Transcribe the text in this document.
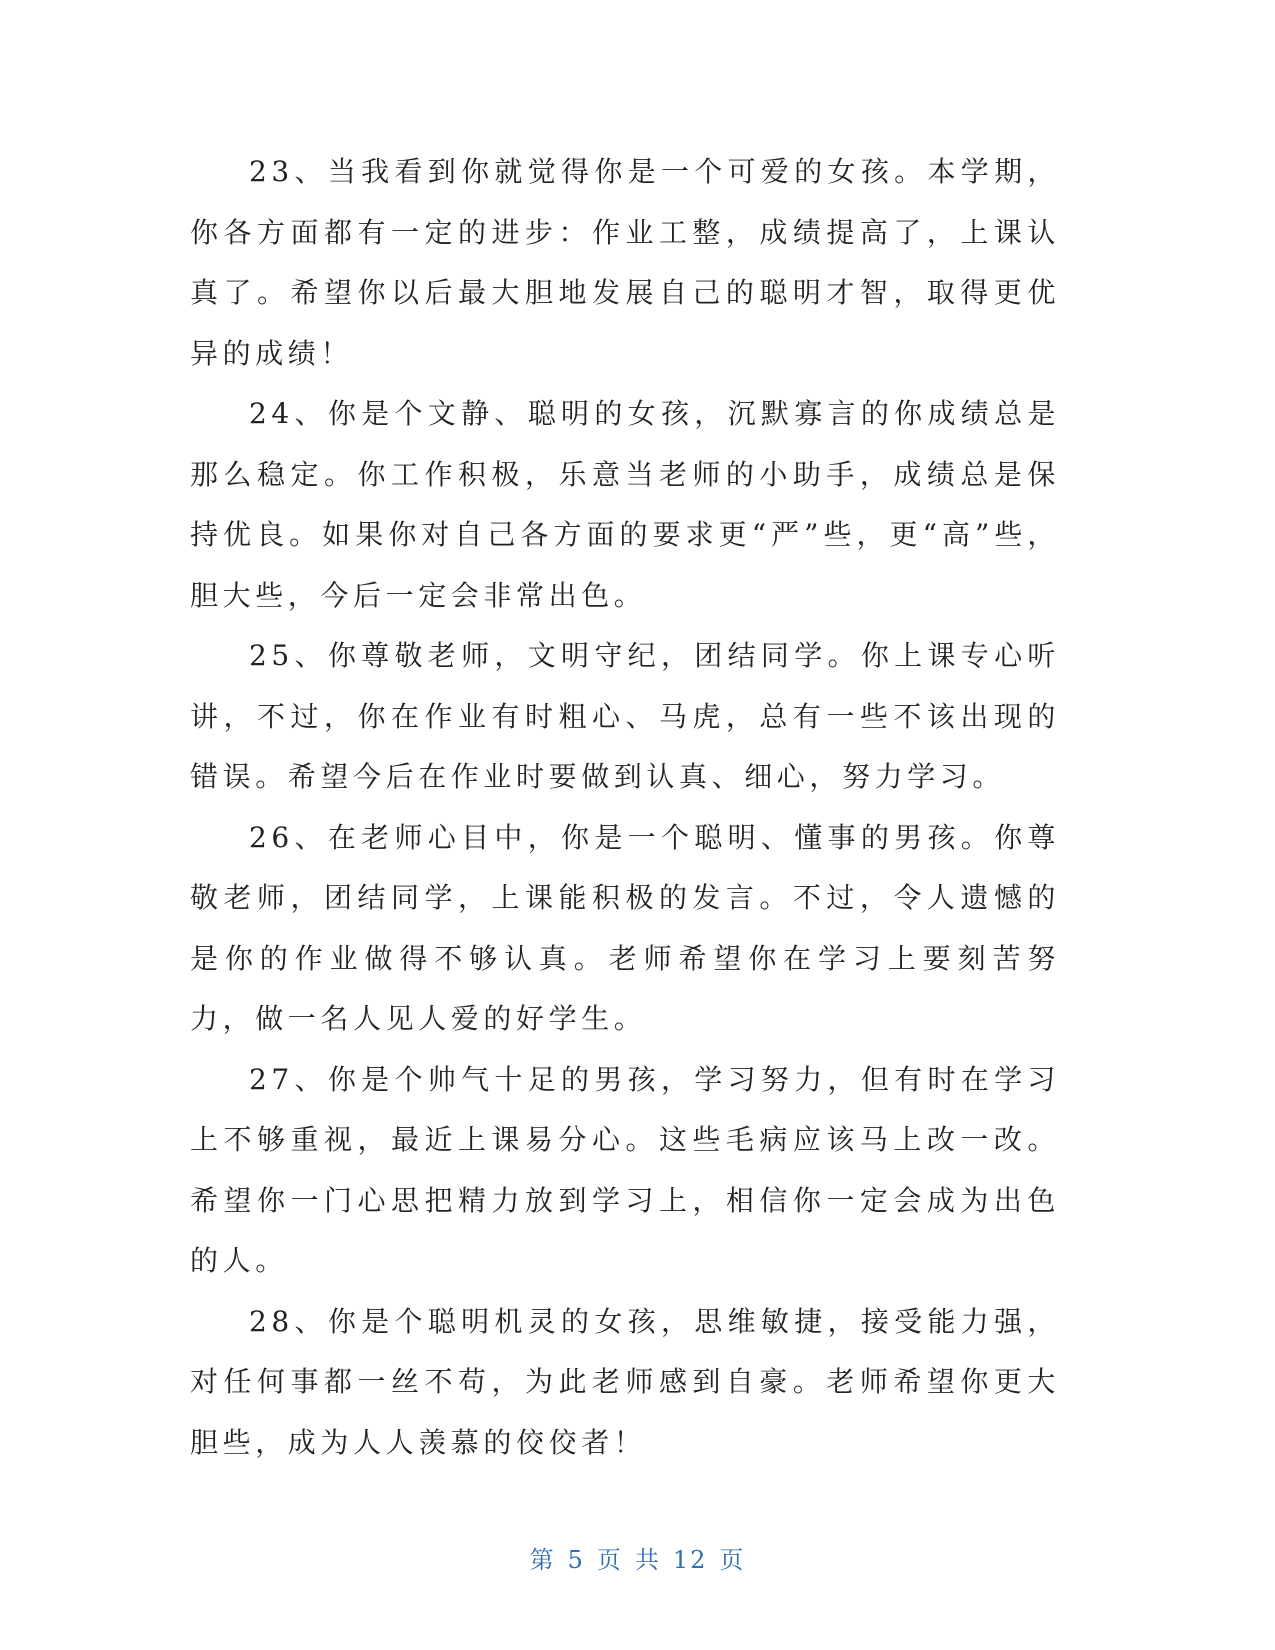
23、当我看到你就觉得你是一个可爱的女孩。本学期，你各方面都有一定的进步：作业工整，成绩提高了，上课认真了。希望你以后最大胆地发展自己的聪明才智，取得更优异的成绩！

24、你是个文静、聪明的女孩，沉默寡言的你成绩总是那么稳定。你工作积极，乐意当老师的小助手，成绩总是保持优良。如果你对自己各方面的要求更“严”些，更“高”些，胆大些，今后一定会非常出色。

25、你尊敬老师，文明守纪，团结同学。你上课专心听讲，不过，你在作业有时粗心、马虎，总有一些不该出现的错误。希望今后在作业时要做到认真、细心，努力学习。

26、在老师心目中，你是一个聪明、懂事的男孩。你尊敬老师，团结同学，上课能积极的发言。不过，令人遗憾的是你的作业做得不够认真。老师希望你在学习上要刻苦努力，做一名人见人爱的好学生。

27、你是个帅气十足的男孩，学习努力，但有时在学习上不够重视，最近上课易分心。这些毛病应该马上改一改。希望你一门心思把精力放到学习上，相信你一定会成为出色的人。

28、你是个聪明机灵的女孩，思维敏捷，接受能力强，对任何事都一丝不苟，为此老师感到自豪。老师希望你更大胆些，成为人人羡慕的佼佼者！

第 5 页 共 12 页
